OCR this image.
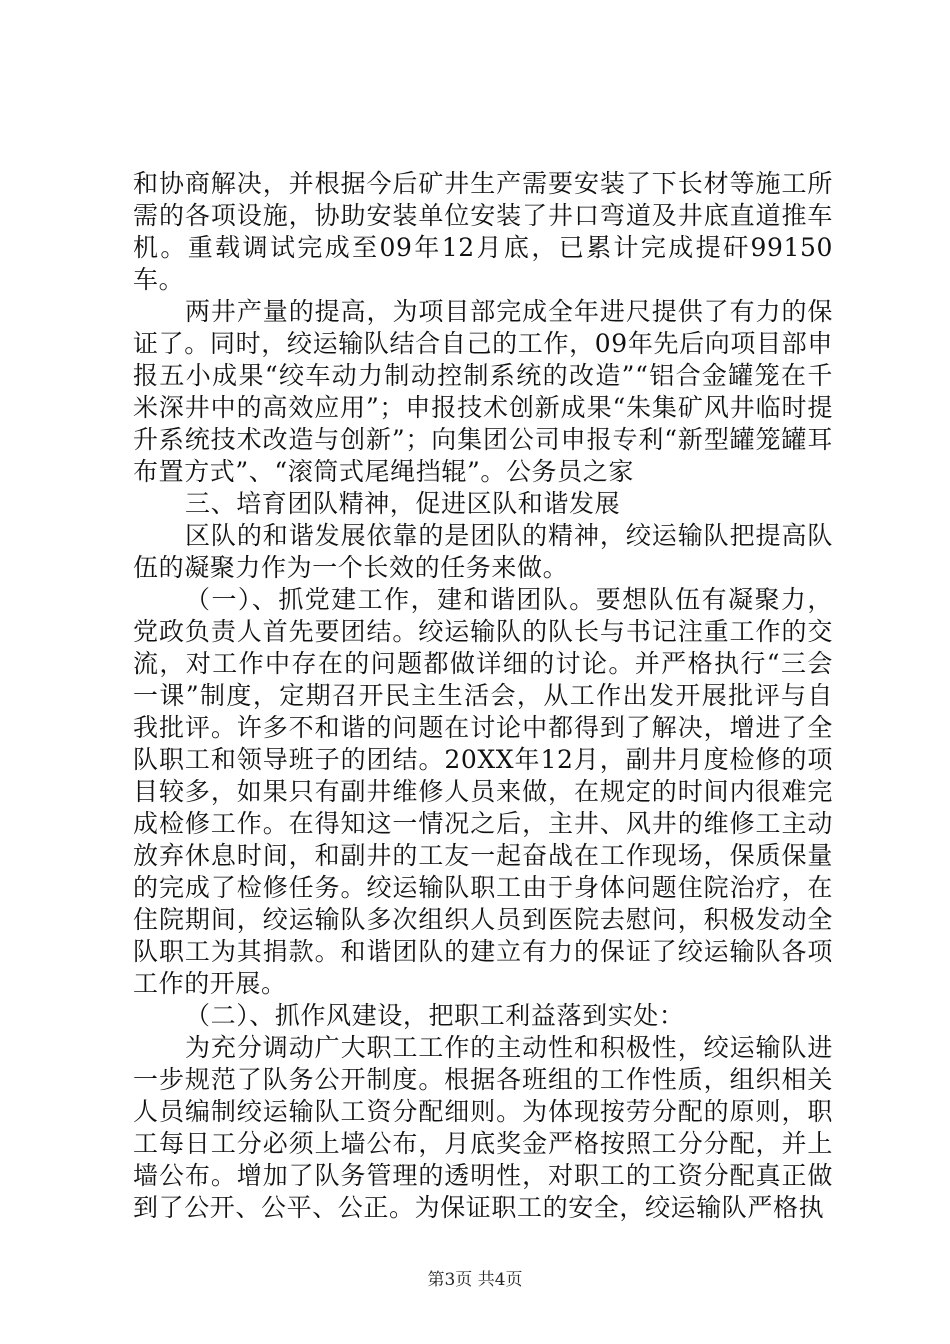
和协商解决，并根据今后矿井生产需要安装了下长材等施工所需的各项设施，协助安装单位安装了井口弯道及井底直道推车机。重载调试完成至09年12月底，已累计完成提矸99150车。

两井产量的提高，为项目部完成全年进尺提供了有力的保证了。同时，绞运输队结合自己的工作，09年先后向项目部申报五小成果“绞车动力制动控制系统的改造”“铝合金罐笼在千米深井中的高效应用”；申报技术创新成果“朱集矿风井临时提升系统技术改造与创新”；向集团公司申报专利“新型罐笼罐耳布置方式”、“滚筒式尾绳挡辊”。公务员之家

三、培育团队精神，促进区队和谐发展

区队的和谐发展依靠的是团队的精神，绞运输队把提高队伍的凝聚力作为一个长效的任务来做。

（一）、抓党建工作，建和谐团队。要想队伍有凝聚力，党政负责人首先要团结。绞运输队的队长与书记注重工作的交流，对工作中存在的问题都做详细的讨论。并严格执行“三会一课”制度，定期召开民主生活会，从工作出发开展批评与自我批评。许多不和谐的问题在讨论中都得到了解决，增进了全队职工和领导班子的团结。20XX年12月，副井月度检修的项目较多，如果只有副井维修人员来做，在规定的时间内很难完成检修工作。在得知这一情况之后，主井、风井的维修工主动放弃休息时间，和副井的工友一起奋战在工作现场，保质保量的完成了检修任务。绞运输队职工由于身体问题住院治疗，在住院期间，绞运输队多次组织人员到医院去慰问，积极发动全队职工为其捐款。和谐团队的建立有力的保证了绞运输队各项工作的开展。

（二）、抓作风建设，把职工利益落到实处：

为充分调动广大职工工作的主动性和积极性，绞运输队进一步规范了队务公开制度。根据各班组的工作性质，组织相关人员编制绞运输队工资分配细则。为体现按劳分配的原则，职工每日工分必须上墙公布，月底奖金严格按照工分分配，并上墙公布。增加了队务管理的透明性，对职工的工资分配真正做到了公开、公平、公正。为保证职工的安全，绞运输队严格执

第3页 共4页
